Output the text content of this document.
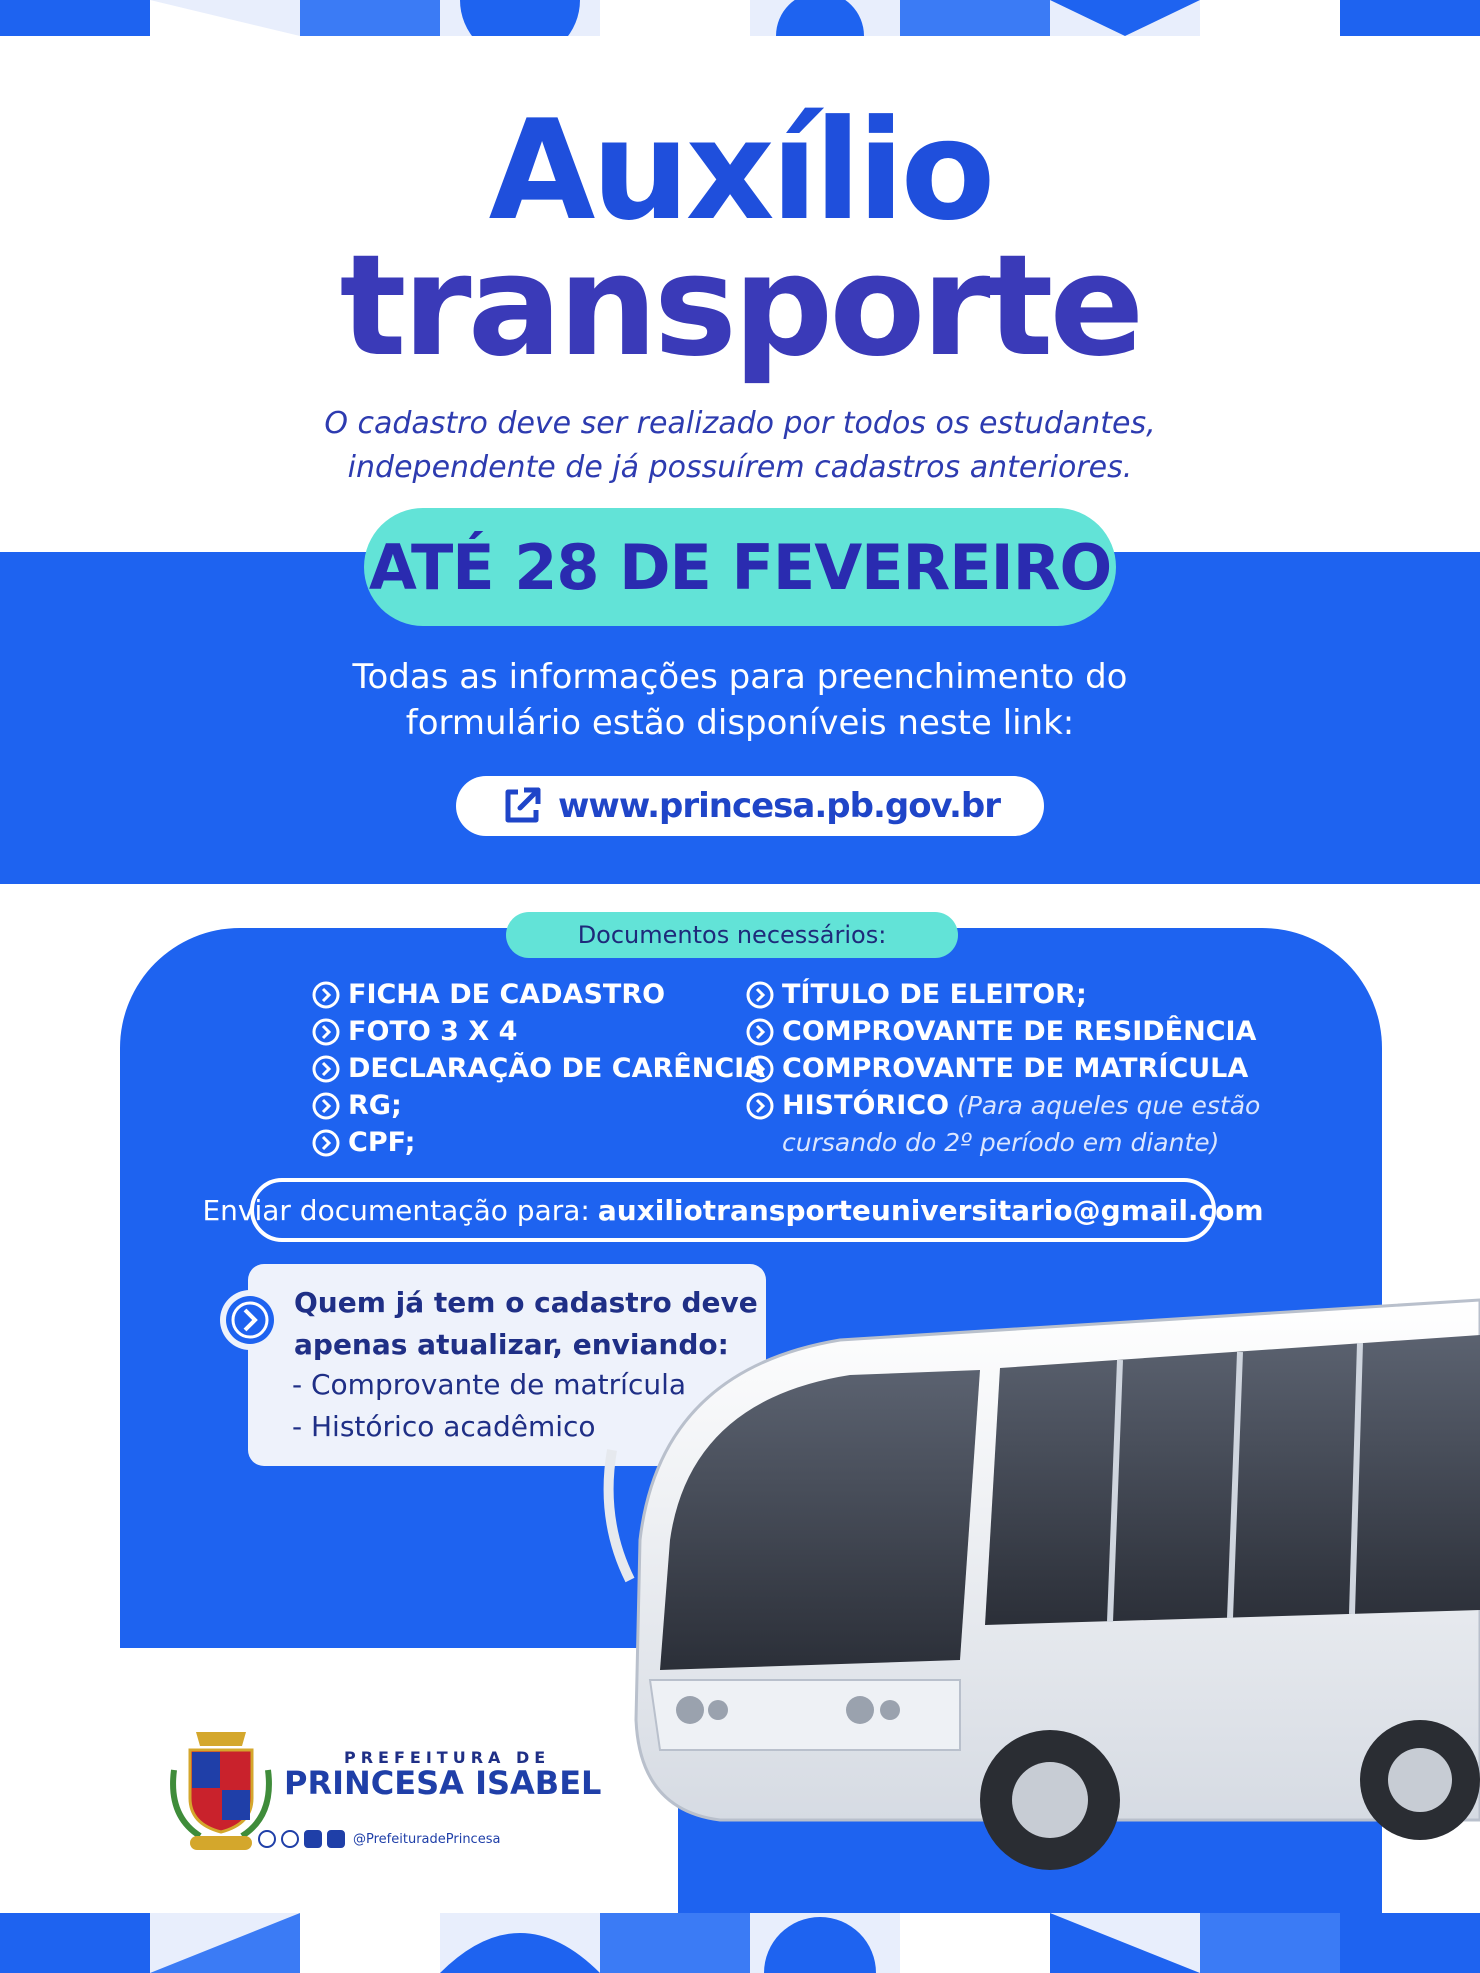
Auxílio
transporte
O cadastro deve ser realizado por todos os estudantes,
independente de já possuírem cadastros anteriores.
ATÉ 28 DE FEVEREIRO
Todas as informações para preenchimento do
formulário estão disponíveis neste link:
www.princesa.pb.gov.br
Documentos necessários:
FICHA DE CADASTRO
FOTO 3 X 4
DECLARAÇÃO DE CARÊNCIA
RG;
CPF;
TÍTULO DE ELEITOR;
COMPROVANTE DE RESIDÊNCIA
COMPROVANTE DE MATRÍCULA
HISTÓRICO (Para aqueles que estão
cursando do 2º período em diante)
Enviar documentação para: auxiliotransporteuniversitario@gmail.com
Quem já tem o cadastro deve
apenas atualizar, enviando:
- Comprovante de matrícula
- Histórico acadêmico
PREFEITURA DE
PRINCESA ISABEL
@PrefeituradePrincesa
